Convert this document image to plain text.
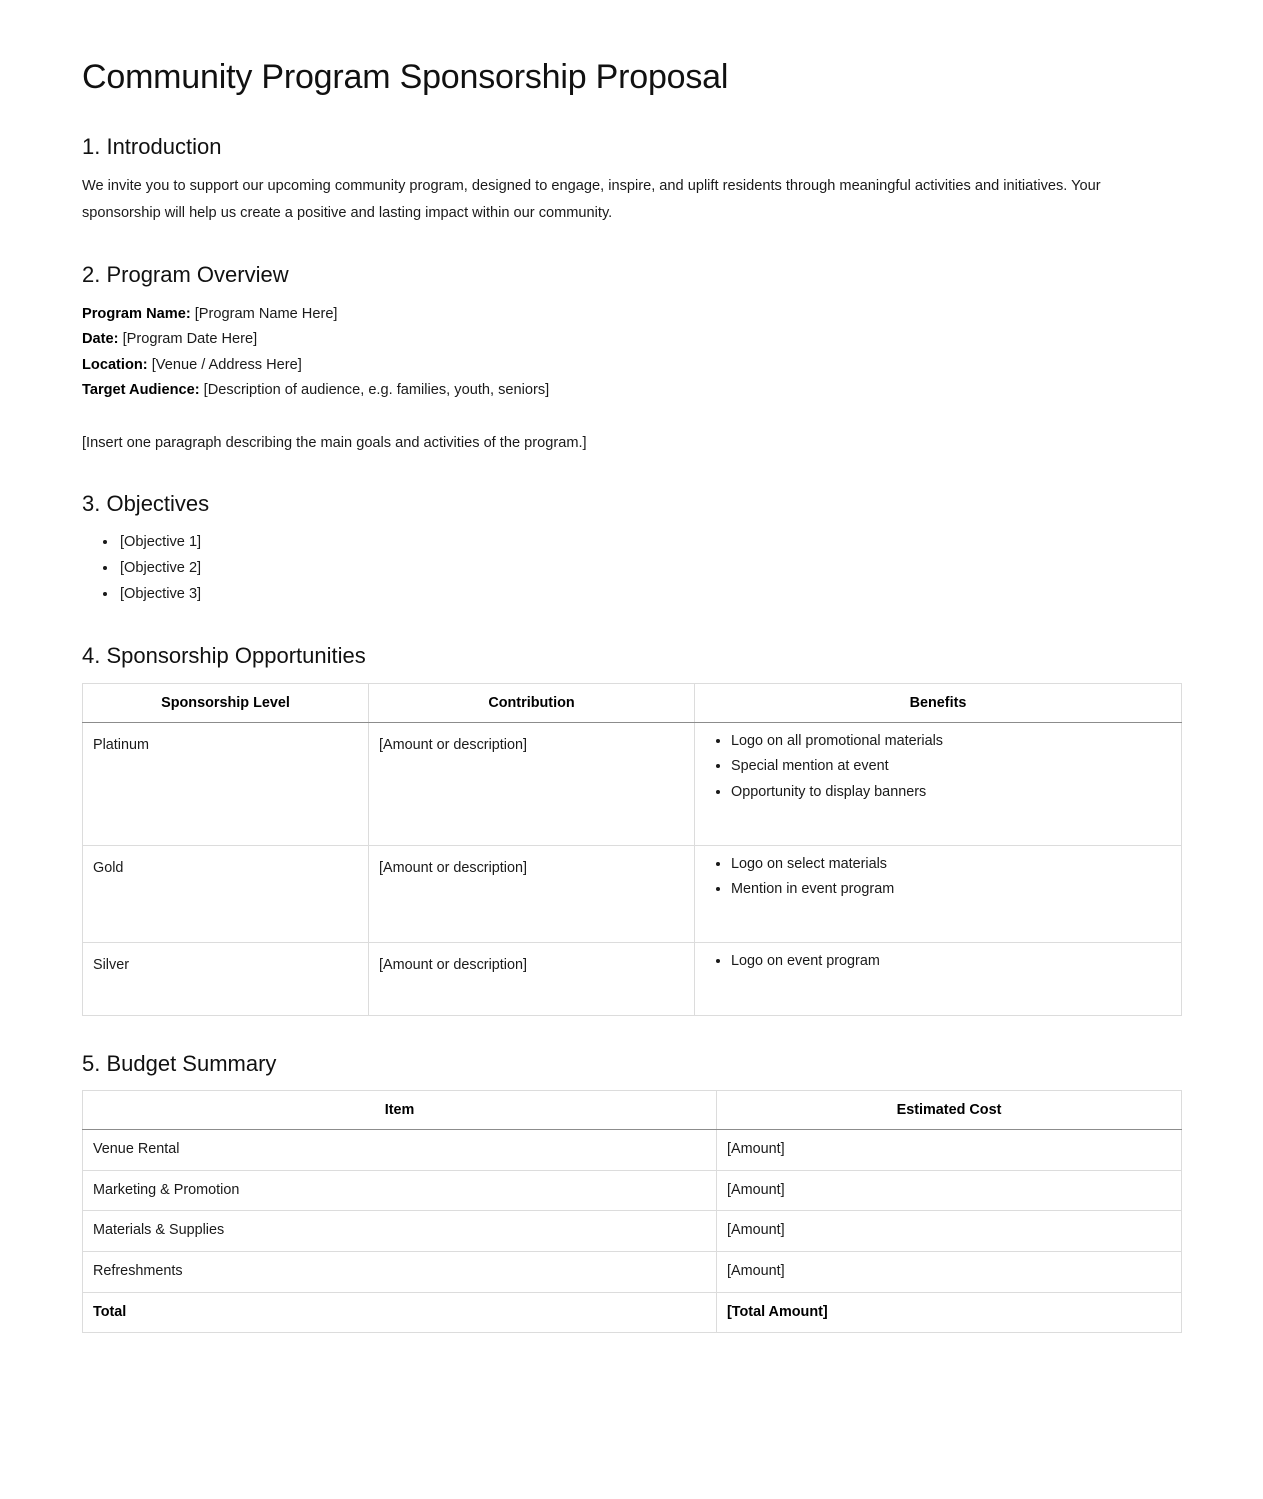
Community Program Sponsorship Proposal
1. Introduction

We invite you to support our upcoming community program, designed to engage, inspire, and uplift residents through meaningful activities and initiatives. Your sponsorship will help us create a positive and lasting impact within our community.

2. Program Overview
Program Name: [Program Name Here]
Date: [Program Date Here]
Location: [Venue / Address Here]
Target Audience: [Description of audience, e.g. families, youth, seniors]

[Insert one paragraph describing the main goals and activities of the program.]

3. Objectives
• [Objective 1]
• [Objective 2]
• [Objective 3]
4. Sponsorship Opportunities
Sponsorship Level	Contribution	Benefits
Platinum	[Amount or description]	
•Logo on all promotional materials
• Special mention at event
• Opportunity to display banners

Gold	[Amount or description]	
•Logo on select materials
• Mention in event program

Silver	[Amount or description]	
•Logo on event program
5. Budget Summary
Item	Estimated Cost
Venue Rental	[Amount]
Marketing & Promotion	[Amount]
Materials & Supplies	[Amount]
Refreshments	[Amount]
Total	[Total Amount]
